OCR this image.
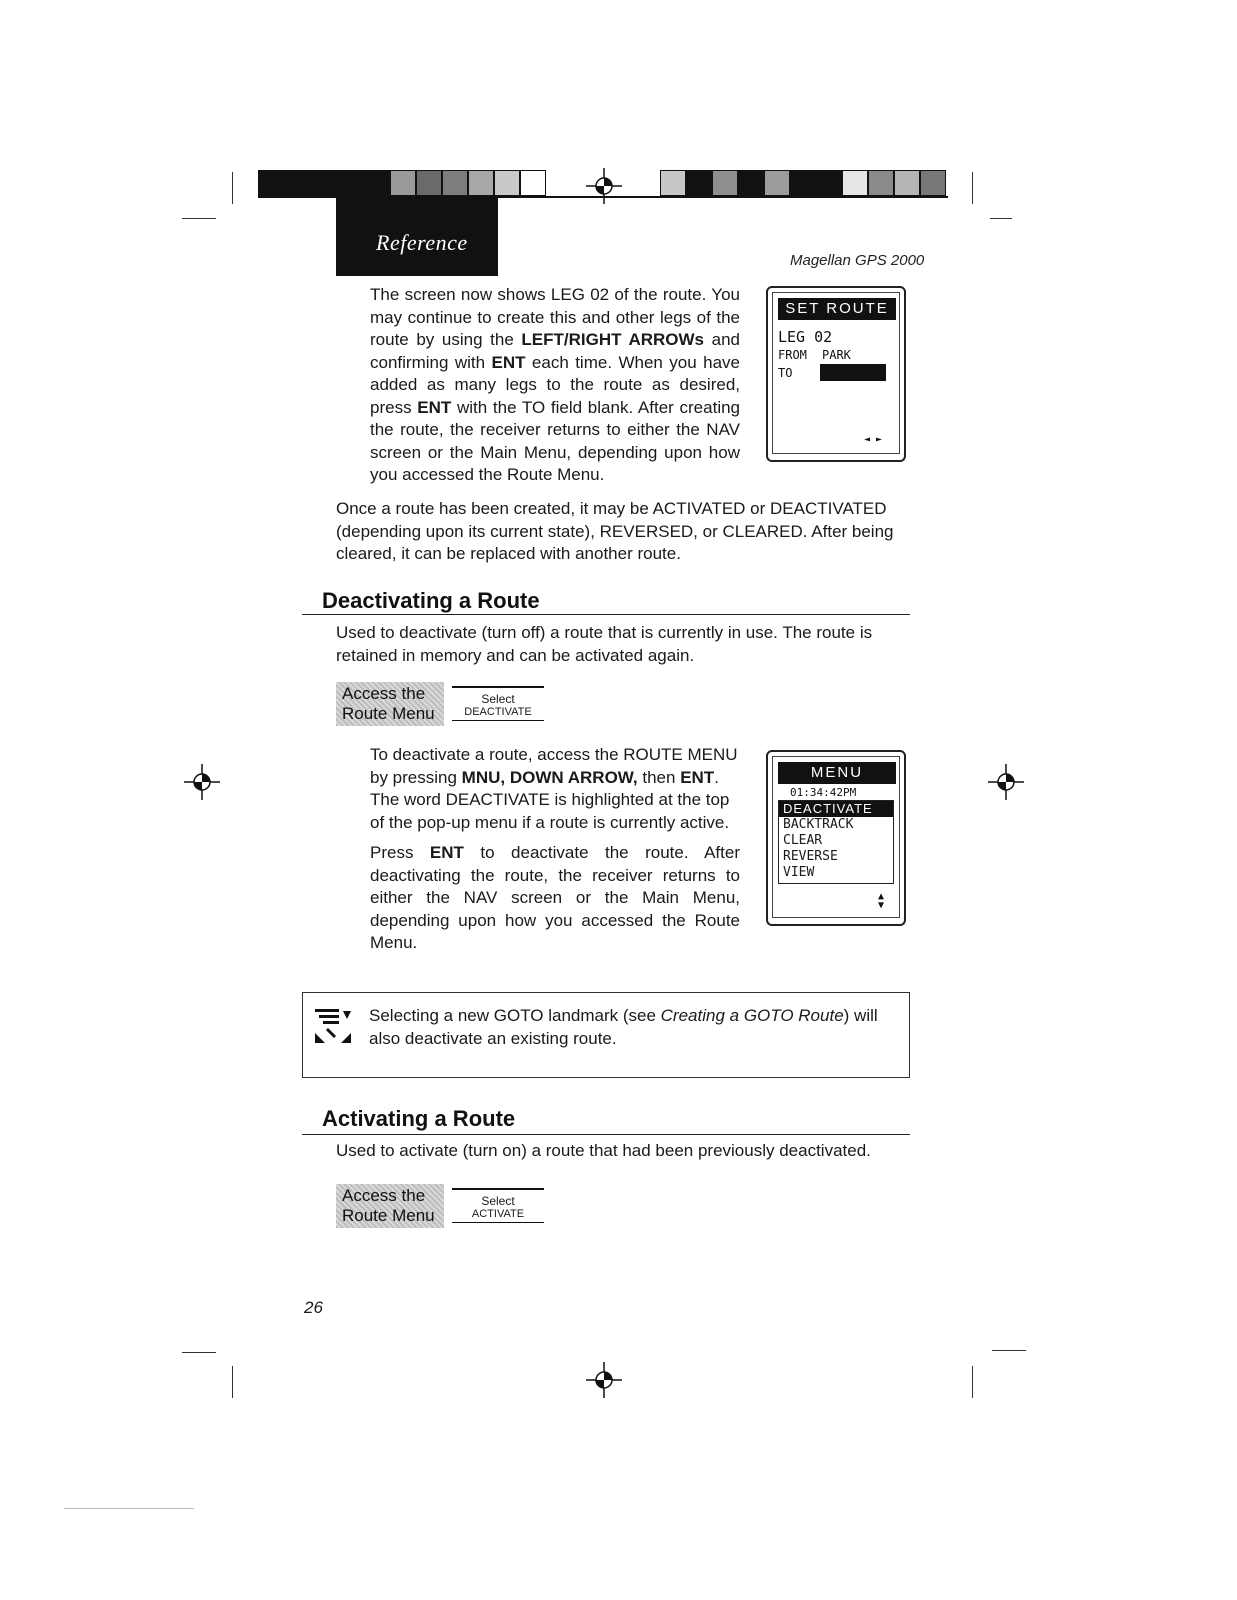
Reference
Magellan GPS 2000
The screen now shows LEG 02 of the route. You may continue to create this and other legs of the route by using the LEFT/RIGHT ARROWs and confirming with ENT each time. When you have added as many legs to the route as desired, press ENT with the TO field blank. After creating the route, the receiver returns to either the NAV screen or the Main Menu, depending upon how you accessed the Route Menu.
SET ROUTE
LEG 02
FROM PARK
TO
◄ ►
Once a route has been created, it may be ACTIVATED or DEACTIVATED (depending upon its current state), REVERSED, or CLEARED. After being cleared, it can be replaced with another route.
Deactivating a Route
Used to deactivate (turn off) a route that is currently in use. The route is retained in memory and can be activated again.
Access the
Route Menu
Select
DEACTIVATE
To deactivate a route, access the ROUTE MENU by pressing MNU, DOWN ARROW, then ENT. The word DEACTIVATE is highlighted at the top of the pop-up menu if a route is currently active.
Press ENT to deactivate the route. After deactivating the route, the receiver returns to either the NAV screen or the Main Menu, depending upon how you accessed the Route Menu.
MENU
01:34:42PM
DEACTIVATE
BACKTRACK
CLEAR
REVERSE
VIEW
▲
▼
Selecting a new GOTO landmark (see Creating a GOTO Route) will also deactivate an existing route.
Activating a Route
Used to activate (turn on) a route that had been previously deactivated.
Access the
Route Menu
Select
ACTIVATE
26
